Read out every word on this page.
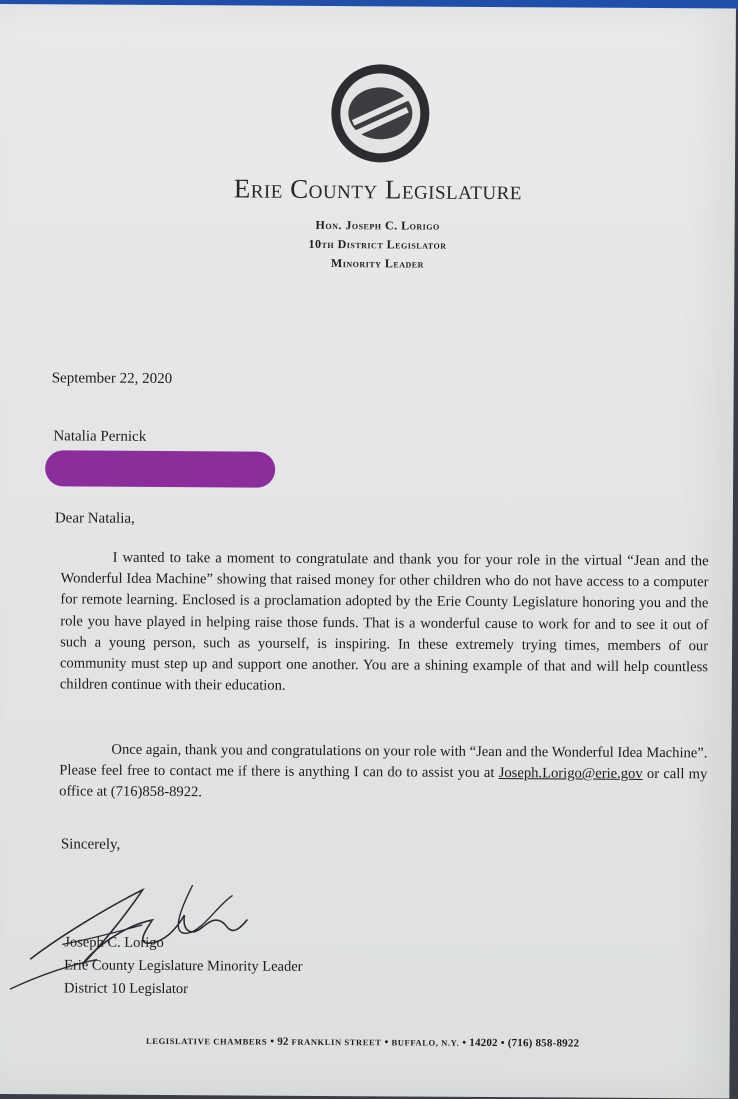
Erie County Legislature
Hon. Joseph C. Lorigo
10th District Legislator
Minority Leader
September 22, 2020
Natalia Pernick
Dear Natalia,
I wanted to take a moment to congratulate and thank you for your role in the virtual “Jean and the Wonderful Idea Machine” showing that raised money for other children who do not have access to a computer for remote learning. Enclosed is a proclamation adopted by the Erie County Legislature honoring you and the role you have played in helping raise those funds. That is a wonderful cause to work for and to see it out of such a young person, such as yourself, is inspiring. In these extremely trying times, members of our community must step up and support one another. You are a shining example of that and will help countless children continue with their education.
Once again, thank you and congratulations on your role with “Jean and the Wonderful Idea Machine”. Please feel free to contact me if there is anything I can do to assist you at Joseph.Lorigo@erie.gov or call my office at (716)858-8922.
Sincerely,
Joseph C. Lorigo
Erie County Legislature Minority Leader
District 10 Legislator
LEGISLATIVE CHAMBERS • 92 FRANKLIN STREET • BUFFALO, N.Y. • 14202 • (716) 858-8922
